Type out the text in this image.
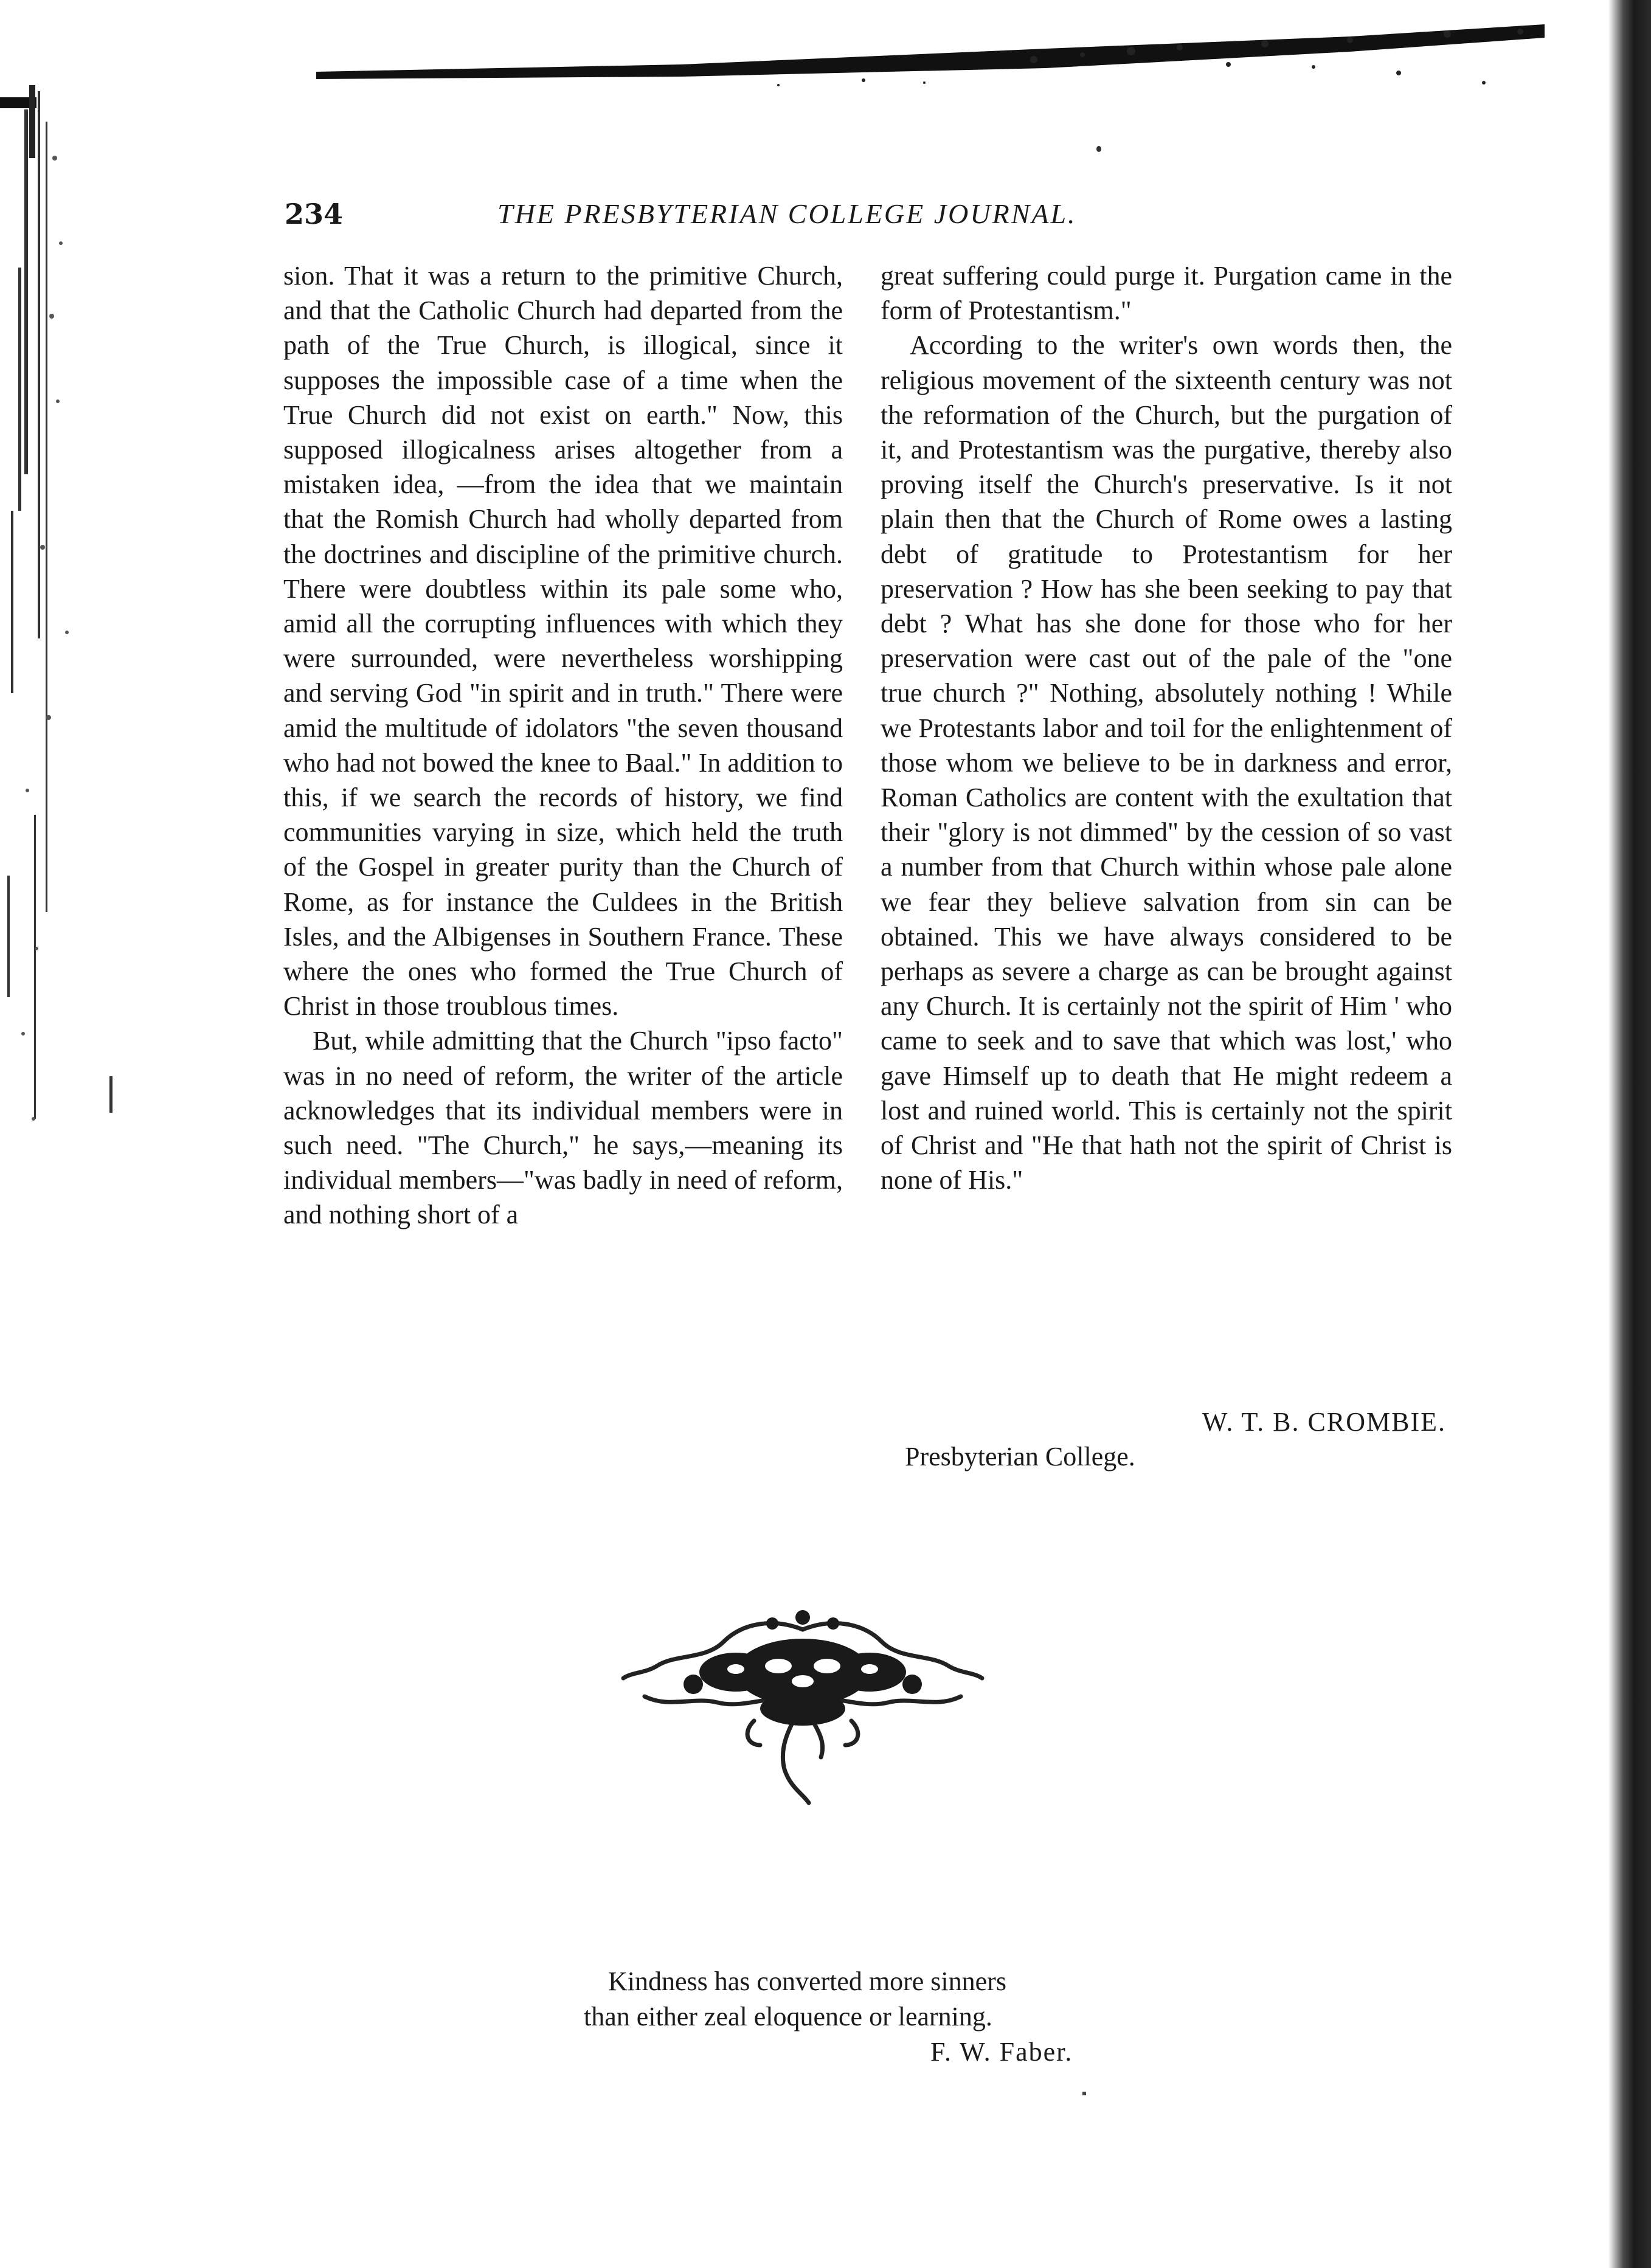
234	THE PRESBYTERIAN COLLEGE JOURNAL.

sion. That it was a return to the primitive Church, and that the Catholic Church had departed from the path of the True Church, is illogical, since it supposes the impossible case of a time when the True Church did not exist on earth." Now, this supposed illogicalness arises altogether from a mistaken idea, —from the idea that we maintain that the Romish Church had wholly departed from the doctrines and discipline of the primitive church. There were doubtless within its pale some who, amid all the corrupting influences with which they were surrounded, were nevertheless worshipping and serving God "in spirit and in truth." There were amid the multitude of idolators "the seven thousand who had not bowed the knee to Baal." In addition to this, if we search the records of history, we find communities varying in size, which held the truth of the Gospel in greater purity than the Church of Rome, as for instance the Culdees in the British Isles, and the Albigenses in Southern France. These where the ones who formed the True Church of Christ in those troublous times.

But, while admitting that the Church "ipso facto" was in no need of reform, the writer of the article acknowledges that its individual members were in such need. "The Church," he says,—meaning its individual members—"was badly in need of reform, and nothing short of a

great suffering could purge it. Purgation came in the form of Protestantism."

According to the writer's own words then, the religious movement of the sixteenth century was not the reformation of the Church, but the purgation of it, and Protestantism was the purgative, thereby also proving itself the Church's preservative. Is it not plain then that the Church of Rome owes a lasting debt of gratitude to Protestantism for her preservation ? How has she been seeking to pay that debt ? What has she done for those who for her preservation were cast out of the pale of the "one true church ?" Nothing, absolutely nothing ! While we Protestants labor and toil for the enlightenment of those whom we believe to be in darkness and error, Roman Catholics are content with the exultation that their "glory is not dimmed" by the cession of so vast a number from that Church within whose pale alone we fear they believe salvation from sin can be obtained. This we have always considered to be perhaps as severe a charge as can be brought against any Church. It is certainly not the spirit of Him ' who came to seek and to save that which was lost,' who gave Himself up to death that He might redeem a lost and ruined world. This is certainly not the spirit of Christ and "He that hath not the spirit of Christ is none of His."

W. T. B. CROMBIE.
Presbyterian College.
Kindness has converted more sinners
than either zeal eloquence or learning.
F. W. Faber.
